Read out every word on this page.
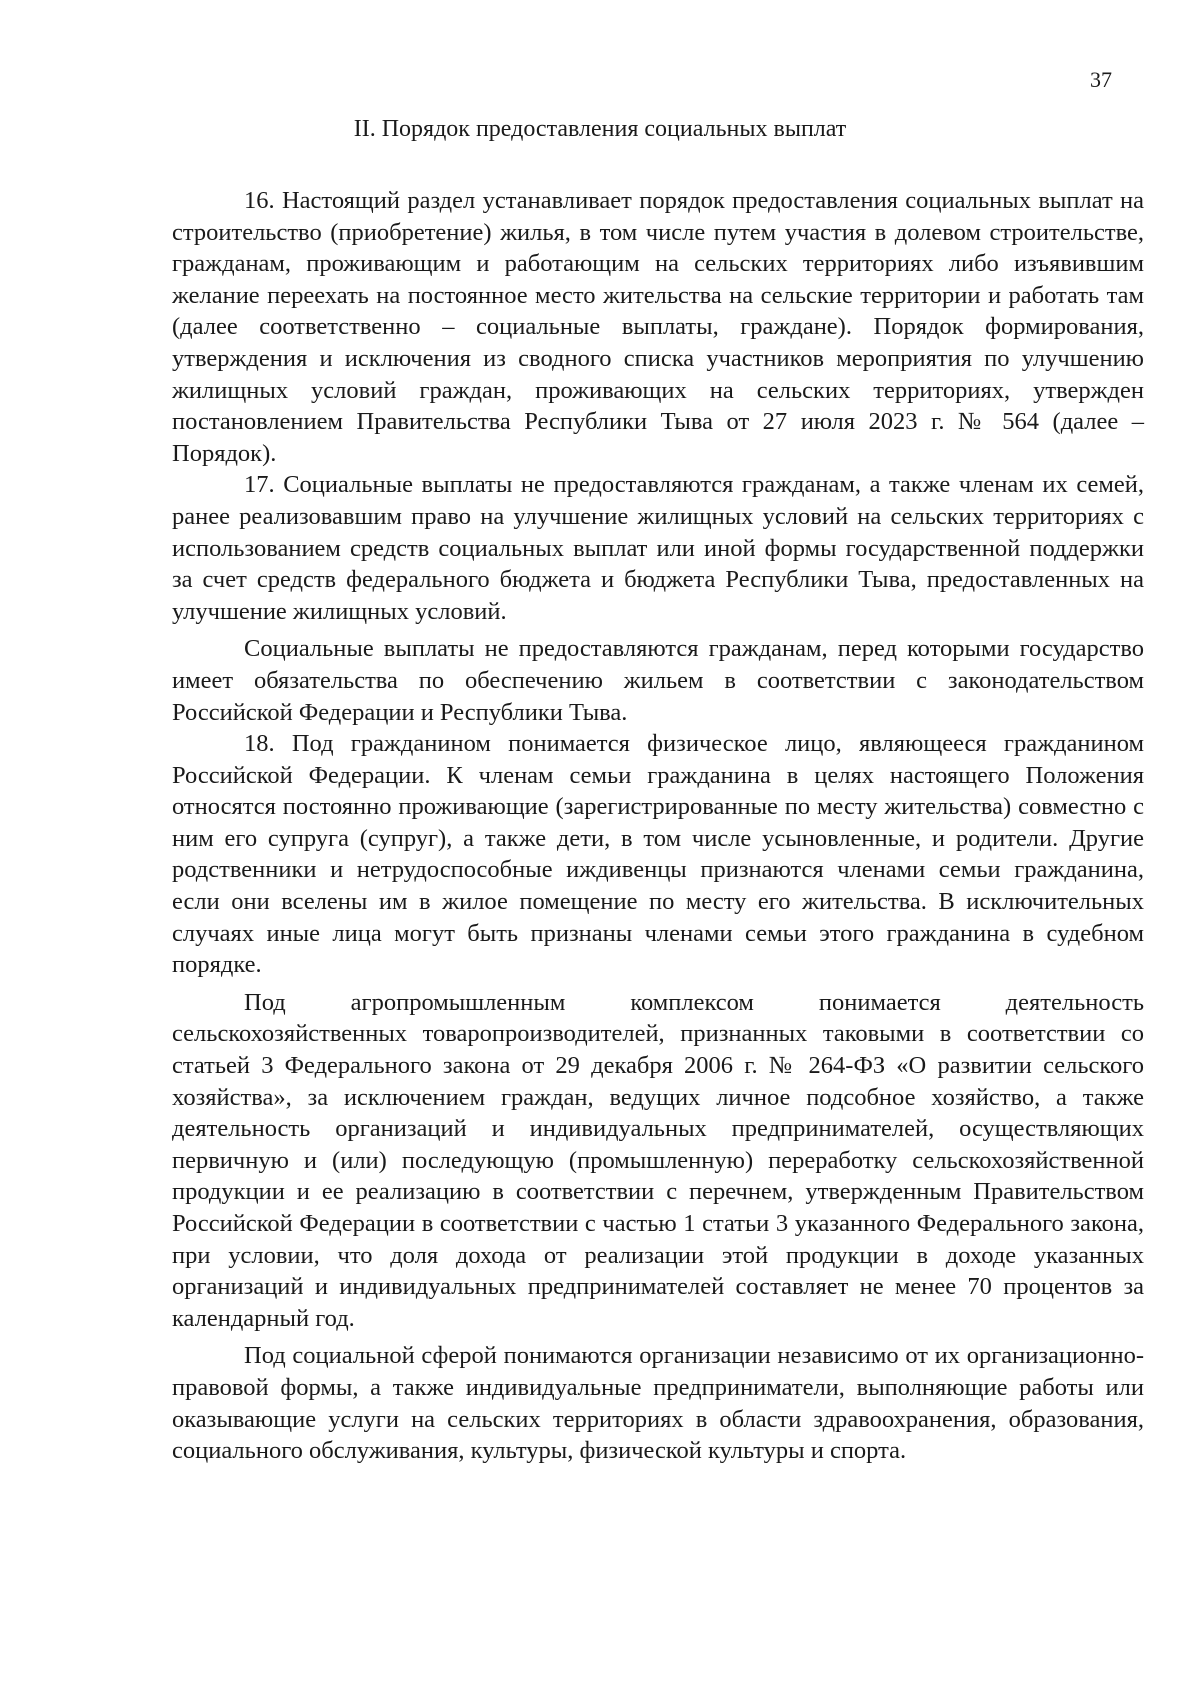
37
II. Порядок предоставления социальных выплат

16. Настоящий раздел устанавливает порядок предоставления социальных выплат на строительство (приобретение) жилья, в том числе путем участия в долевом строительстве, гражданам, проживающим и работающим на сельских территориях либо изъявившим желание переехать на постоянное место жительства на сельские территории и работать там (далее соответственно – социальные выплаты, граждане). Порядок формирования, утверждения и исключения из сводного списка участников мероприятия по улучшению жилищных условий граждан, проживающих на сельских территориях, утвержден постановлением Правительства Республики Тыва от 27 июля 2023 г. № 564 (далее – Порядок).

17. Социальные выплаты не предоставляются гражданам, а также членам их семей, ранее реализовавшим право на улучшение жилищных условий на сельских территориях с использованием средств социальных выплат или иной формы государственной поддержки за счет средств федерального бюджета и бюджета Республики Тыва, предоставленных на улучшение жилищных условий.

Социальные выплаты не предоставляются гражданам, перед которыми государство имеет обязательства по обеспечению жильем в соответствии с законодательством Российской Федерации и Республики Тыва.

18. Под гражданином понимается физическое лицо, являющееся гражданином Российской Федерации. К членам семьи гражданина в целях настоящего Положения относятся постоянно проживающие (зарегистрированные по месту жительства) совместно с ним его супруга (супруг), а также дети, в том числе усыновленные, и родители. Другие родственники и нетрудоспособные иждивенцы признаются членами семьи гражданина, если они вселены им в жилое помещение по месту его жительства. В исключительных случаях иные лица могут быть признаны членами семьи этого гражданина в судебном порядке.

Под агропромышленным комплексом понимается деятельность сельскохозяйственных товаропроизводителей, признанных таковыми в соответствии со статьей 3 Федерального закона от 29 декабря 2006 г. № 264-ФЗ «О развитии сельского хозяйства», за исключением граждан, ведущих личное подсобное хозяйство, а также деятельность организаций и индивидуальных предпринимателей, осуществляющих первичную и (или) последующую (промышленную) переработку сельскохозяйственной продукции и ее реализацию в соответствии с перечнем, утвержденным Правительством Российской Федерации в соответствии с частью 1 статьи 3 указанного Федерального закона, при условии, что доля дохода от реализации этой продукции в доходе указанных организаций и индивидуальных предпринимателей составляет не менее 70 процентов за календарный год.

Под социальной сферой понимаются организации независимо от их организационно-правовой формы, а также индивидуальные предприниматели, выполняющие работы или оказывающие услуги на сельских территориях в области здравоохранения, образования, социального обслуживания, культуры, физической культуры и спорта.
